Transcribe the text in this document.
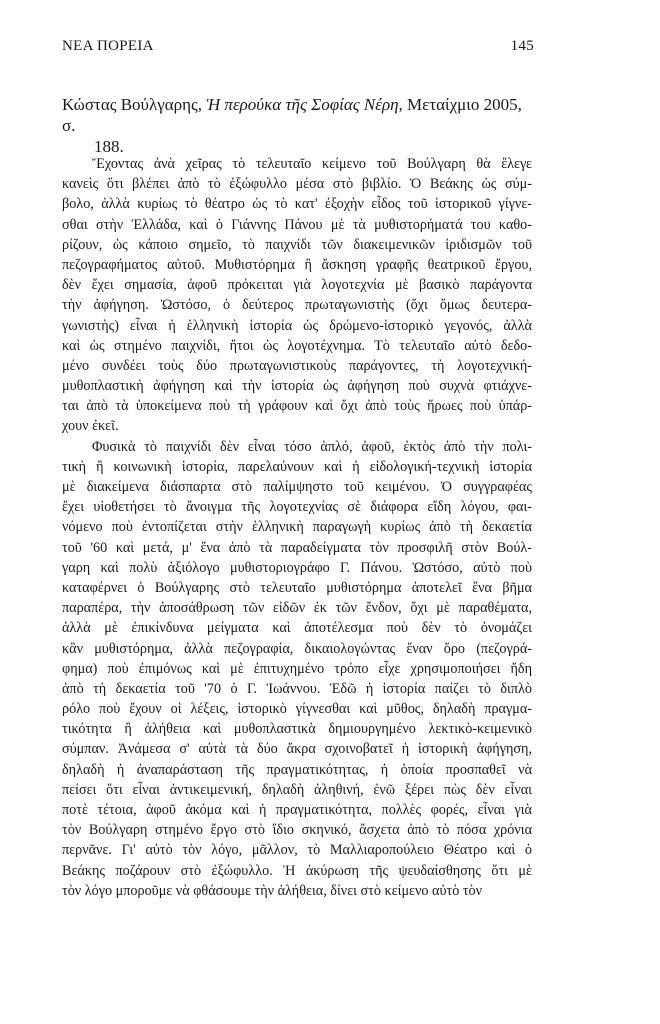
ΝΕΑ ΠΟΡΕΙΑ	145
Κώστας Βούλγαρης, Ἡ περούκα τῆς Σοφίας Νέρη, Μεταίχμιο 2005, σ.
188.
Ἔχοντας ἀνὰ χεῖρας τὸ τελευταῖο κείμενο τοῦ Βούλγαρη θὰ ἔλεγε
κανεὶς ὅτι βλέπει ἀπὸ τὸ ἐξώφυλλο μέσα στὸ βιβλίο. Ὁ Βεάκης ὡς σύμ-
βολο, ἀλλὰ κυρίως τὸ θέατρο ὡς τὸ κατ' ἐξοχὴν εἶδος τοῦ ἱστορικοῦ γίγνε-
σθαι στὴν Ἑλλάδα, καὶ ὁ Γιάννης Πάνου μὲ τὰ μυθιστορήματά του καθο-
ρίζουν, ὡς κάποιο σημεῖο, τὸ παιχνίδι τῶν διακειμενικῶν ἱριδισμῶν τοῦ
πεζογραφήματος αὐτοῦ. Μυθιστόρημα ἢ ἄσκηση γραφῆς θεατρικοῦ ἔργου,
δὲν ἔχει σημασία, ἀφοῦ πρόκειται γιὰ λογοτεχνία μὲ βασικὸ παράγοντα
τὴν ἀφήγηση. Ὡστόσο, ὁ δεύτερος πρωταγωνιστὴς (ὄχι ὅμως δευτερα-
γωνιστὴς) εἶναι ἡ ἑλληνικὴ ἱστορία ὡς δρώμενο-ἱστορικὸ γεγονός, ἀλλὰ
καὶ ὡς στημένο παιχνίδι, ἤτοι ὡς λογοτέχνημα. Τὸ τελευταῖο αὐτὸ δεδο-
μένο συνδέει τοὺς δύο πρωταγωνιστικοὺς παράγοντες, τὴ λογοτεχνική-
μυθοπλαστικὴ ἀφήγηση καὶ τὴν ἱστορία ὡς ἀφήγηση ποὺ συχνὰ φτιάχνε-
ται ἀπὸ τὰ ὑποκείμενα ποὺ τὴ γράφουν καὶ ὄχι ἀπὸ τοὺς ἥρωες ποὺ ὑπάρ-
χουν ἐκεῖ.
Φυσικὰ τὸ παιχνίδι δὲν εἶναι τόσο ἁπλό, ἀφοῦ, ἐκτὸς ἀπὸ τὴν πολι-
τικὴ ἢ κοινωνικὴ ἱστορία, παρελαύνουν καὶ ἡ εἰδολογική-τεχνικὴ ἱστορία
μὲ διακείμενα διάσπαρτα στὸ παλίμψηστο τοῦ κειμένου. Ὁ συγγραφέας
ἔχει υἱοθετήσει τὸ ἄνοιγμα τῆς λογοτεχνίας σὲ διάφορα εἴδη λόγου, φαι-
νόμενο ποὺ ἐντοπίζεται στὴν ἑλληνικὴ παραγωγὴ κυρίως ἀπὸ τὴ δεκαετία
τοῦ '60 καὶ μετά, μ' ἕνα ἀπὸ τὰ παραδείγματα τὸν προσφιλῆ στὸν Βούλ-
γαρη καὶ πολὺ ἀξιόλογο μυθιστοριογράφο Γ. Πάνου. Ὡστόσο, αὐτὸ ποὺ
καταφέρνει ὁ Βούλγαρης στὸ τελευταῖο μυθιστόρημα ἀποτελεῖ ἕνα βῆμα
παραπέρα, τὴν ἀποσάθρωση τῶν εἰδῶν ἐκ τῶν ἔνδον, ὄχι μὲ παραθέματα,
ἀλλὰ μὲ ἐπικίνδυνα μείγματα καὶ ἀποτέλεσμα ποὺ δὲν τὸ ὀνομάζει
κἂν μυθιστόρημα, ἀλλὰ πεζογραφία, δικαιολογώντας ἕναν ὅρο (πεζογρά-
φημα) ποὺ ἐπιμόνως καὶ μὲ ἐπιτυχημένο τρόπο εἶχε χρησιμοποιήσει ἤδη
ἀπὸ τὴ δεκαετία τοῦ '70 ὁ Γ. Ἰωάννου. Ἐδῶ ἡ ἱστορία παίζει τὸ διπλὸ
ρόλο ποὺ ἔχουν οἱ λέξεις, ἱστορικὸ γίγνεσθαι καὶ μῦθος, δηλαδὴ πραγμα-
τικότητα ἢ ἀλήθεια καὶ μυθοπλαστικὰ δημιουργημένο λεκτικὸ-κειμενικὸ
σύμπαν. Ἀνάμεσα σ' αὐτὰ τὰ δύο ἄκρα σχοινοβατεῖ ἡ ἱστορικὴ ἀφήγηση,
δηλαδὴ ἡ ἀναπαράσταση τῆς πραγματικότητας, ἡ ὁποία προσπαθεῖ νὰ
πείσει ὅτι εἶναι ἀντικειμενική, δηλαδὴ ἀληθινή, ἐνῶ ξέρει πὼς δὲν εἶναι
ποτὲ τέτοια, ἀφοῦ ἀκόμα καὶ ἡ πραγματικότητα, πολλὲς φορές, εἶναι γιὰ
τὸν Βούλγαρη στημένο ἔργο στὸ ἴδιο σκηνικό, ἄσχετα ἀπὸ τὸ πόσα χρόνια
περνᾶνε. Γι' αὐτὸ τὸν λόγο, μᾶλλον, τὸ Μαλλιαροπούλειο Θέατρο καὶ ὁ
Βεάκης ποζάρουν στὸ ἐξώφυλλο. Ἡ ἀκύρωση τῆς ψευδαίσθησης ὅτι μὲ
τὸν λόγο μποροῦμε νὰ φθάσουμε τὴν ἀλήθεια, δίνει στὸ κείμενο αὐτὸ τὸν
